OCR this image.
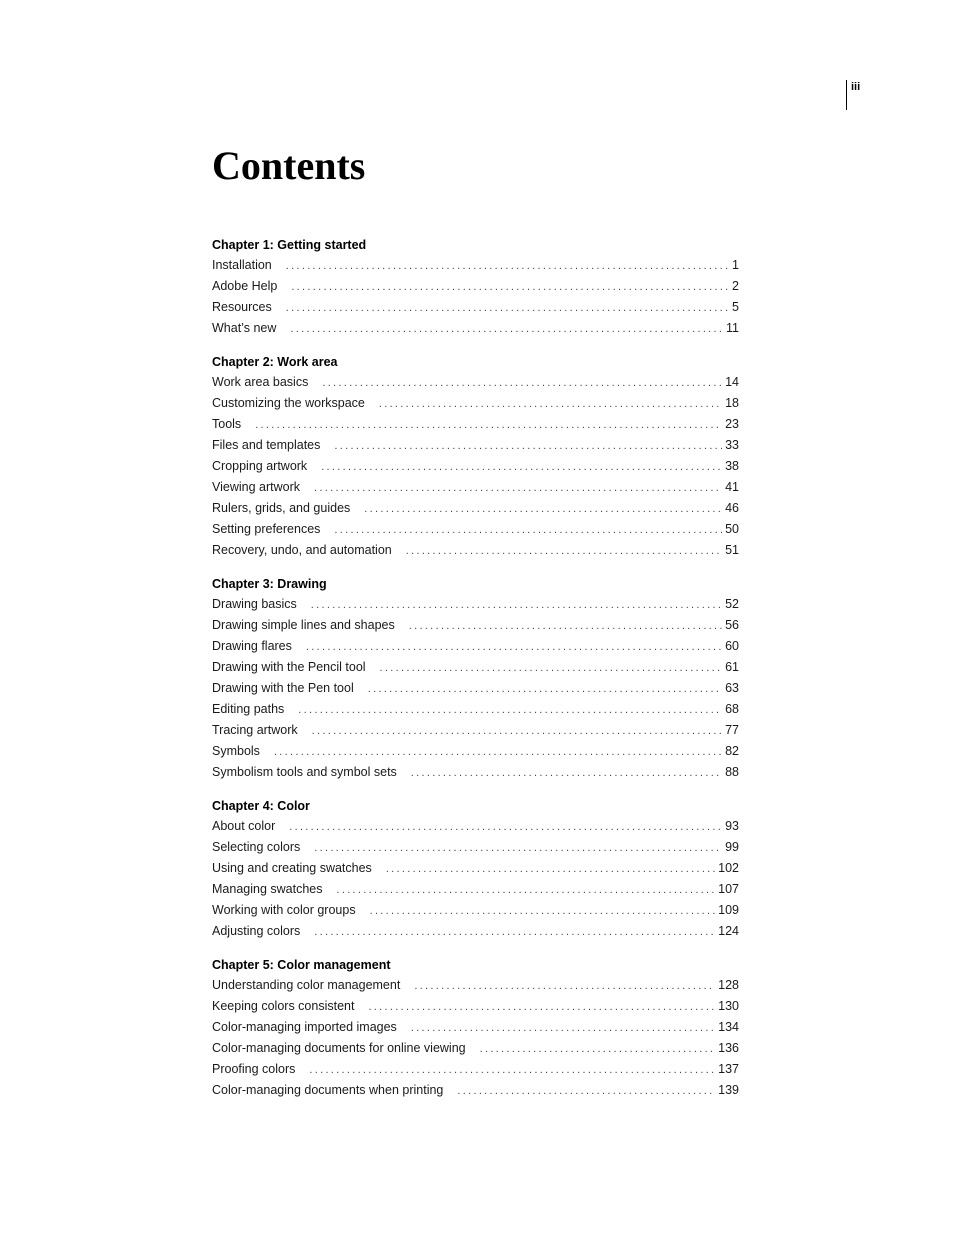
iii
Contents
Chapter 1: Getting started
Installation .....	1
Adobe Help .....	2
Resources .....	5
What’s new .....	11
Chapter 2: Work area
Work area basics .....	14
Customizing the workspace .....	18
Tools .....	23
Files and templates .....	33
Cropping artwork .....	38
Viewing artwork .....	41
Rulers, grids, and guides .....	46
Setting preferences .....	50
Recovery, undo, and automation .....	51
Chapter 3: Drawing
Drawing basics .....	52
Drawing simple lines and shapes .....	56
Drawing flares .....	60
Drawing with the Pencil tool .....	61
Drawing with the Pen tool .....	63
Editing paths .....	68
Tracing artwork .....	77
Symbols .....	82
Symbolism tools and symbol sets .....	88
Chapter 4: Color
About color .....	93
Selecting colors .....	99
Using and creating swatches .....	102
Managing swatches .....	107
Working with color groups .....	109
Adjusting colors .....	124
Chapter 5: Color management
Understanding color management .....	128
Keeping colors consistent .....	130
Color-managing imported images .....	134
Color-managing documents for online viewing .....	136
Proofing colors .....	137
Color-managing documents when printing .....	139
